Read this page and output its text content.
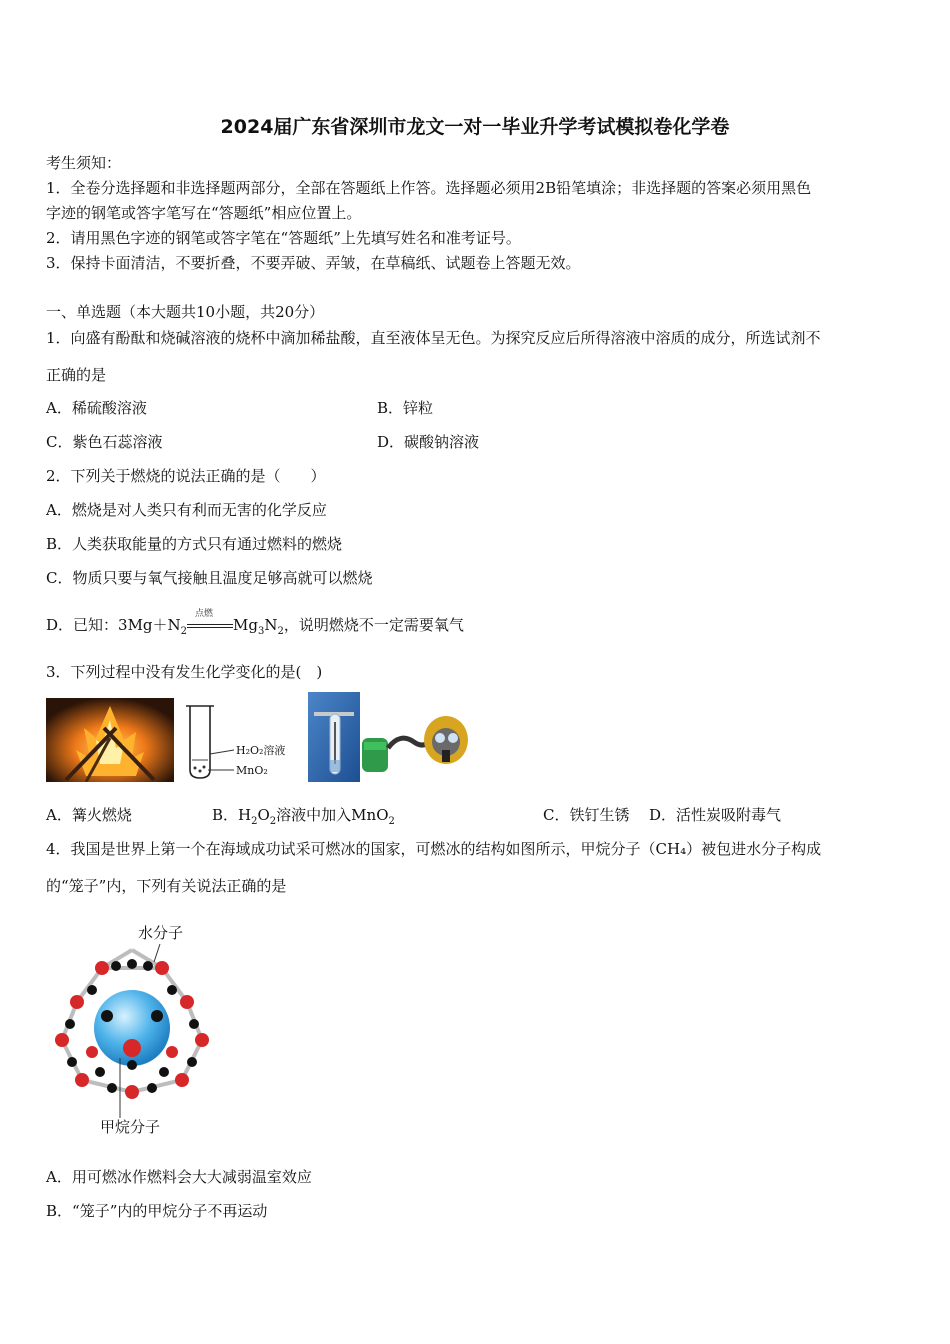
2024届广东省深圳市龙文一对一毕业升学考试模拟卷化学卷
考生须知：
1．全卷分选择题和非选择题两部分，全部在答题纸上作答。选择题必须用2B铅笔填涂；非选择题的答案必须用黑色
字迹的钢笔或答字笔写在“答题纸”相应位置上。
2．请用黑色字迹的钢笔或答字笔在“答题纸”上先填写姓名和准考证号。
3．保持卡面清洁，不要折叠，不要弄破、弄皱，在草稿纸、试题卷上答题无效。
一、单选题（本大题共10小题，共20分）
1．向盛有酚酞和烧碱溶液的烧杯中滴加稀盐酸，直至液体呈无色。为探究反应后所得溶液中溶质的成分，所选试剂不
正确的是
A．稀硫酸溶液	B．锌粒
C．紫色石蕊溶液	D．碳酸钠溶液
2．下列关于燃烧的说法正确的是（　　）
A．燃烧是对人类只有利而无害的化学反应
B．人类获取能量的方式只有通过燃料的燃烧
C．物质只要与氧气接触且温度足够高就可以燃烧
D．已知：$3Mg+N_2$
点燃
$Mg_3N_2$，说明燃烧不一定需要氧气
3．下列过程中没有发生化学变化的是(　)
H₂O₂溶液
MnO₂
A．篝火燃烧	B．$H_2O_2$溶液中加入MnO$_2$	C．铁钉生锈 D．活性炭吸附毒气
4．我国是世界上第一个在海域成功试采可燃冰的国家，可燃冰的结构如图所示，甲烷分子（CH₄）被包进水分子构成
的“笼子”内，下列有关说法正确的是
水分子
甲烷分子
A．用可燃冰作燃料会大大减弱温室效应
B．“笼子”内的甲烷分子不再运动
